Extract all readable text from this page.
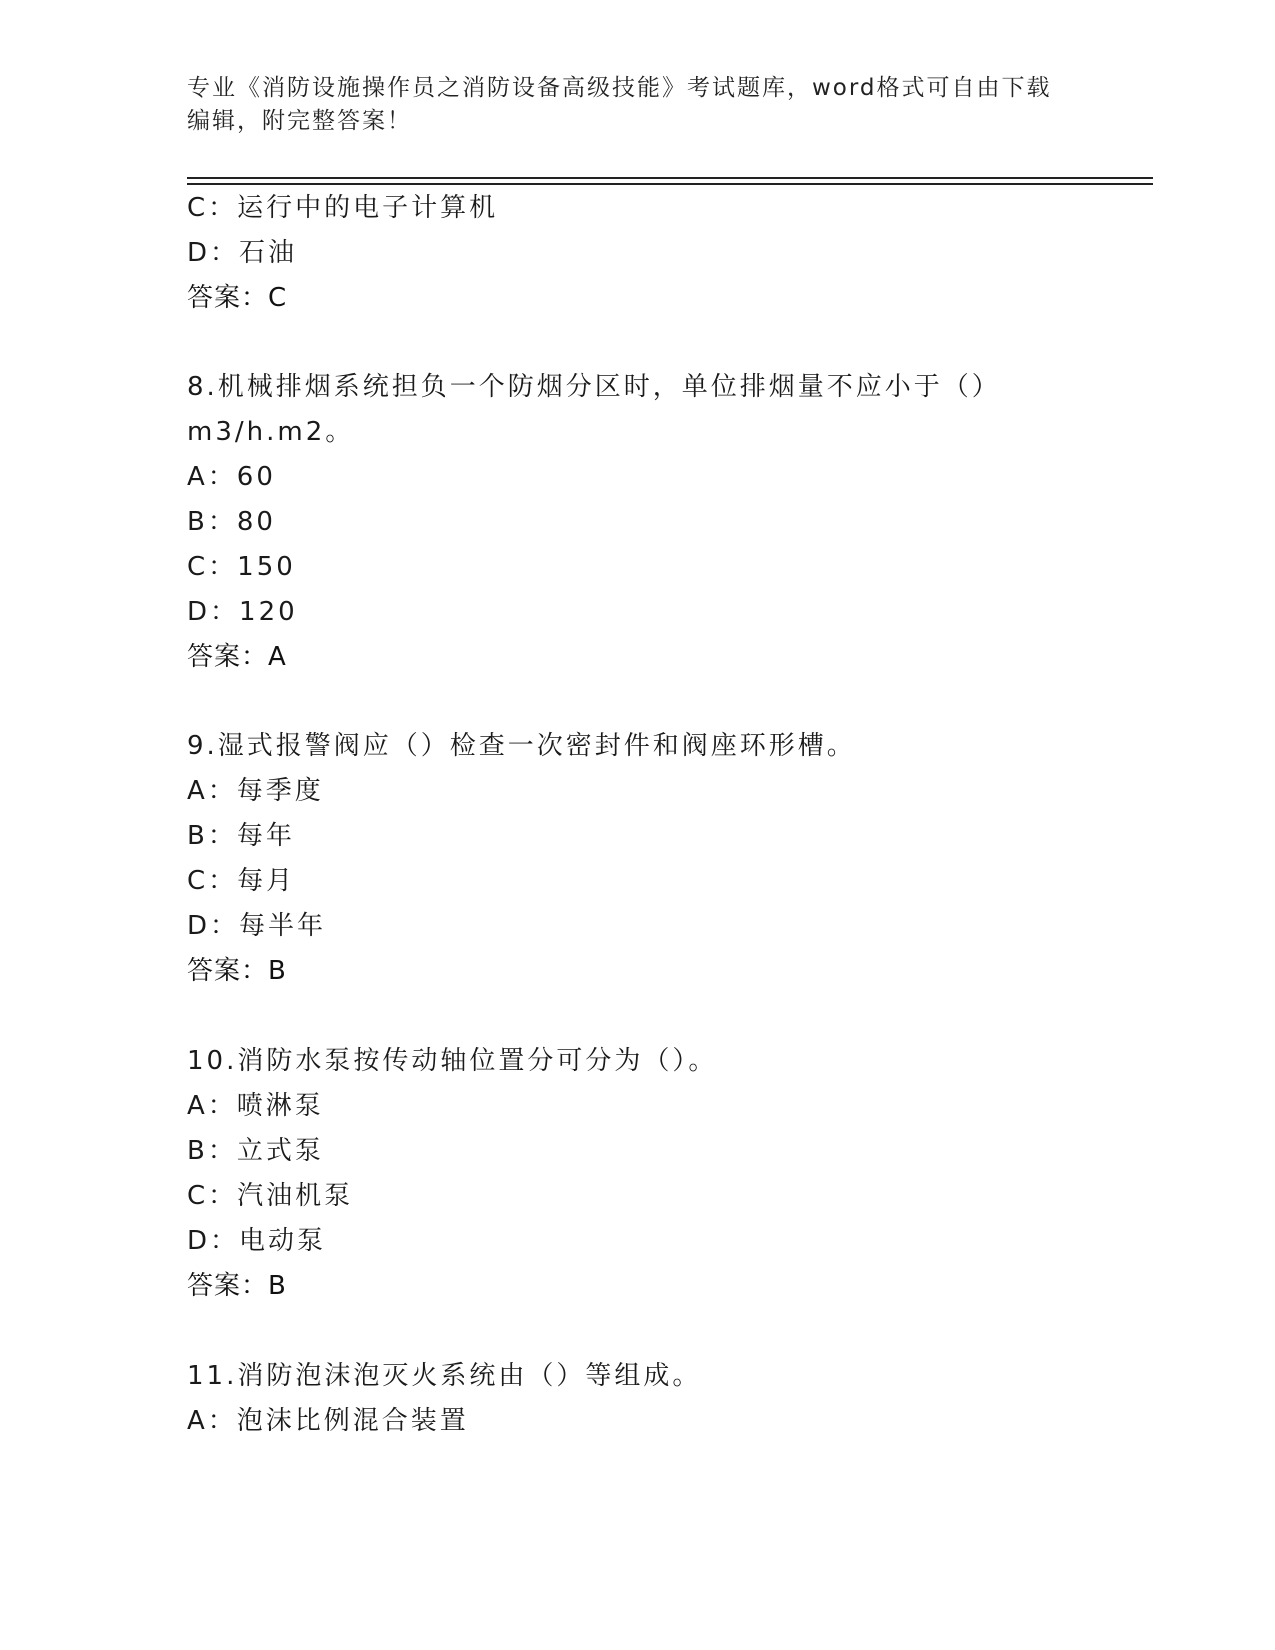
专业《消防设施操作员之消防设备高级技能》考试题库，word格式可自由下载编辑，附完整答案！
C：运行中的电子计算机
D：石油
答案：C
8.机械排烟系统担负一个防烟分区时，单位排烟量不应小于（）
m3/h.m2。
A：60
B：80
C：150
D：120
答案：A
9.湿式报警阀应（）检查一次密封件和阀座环形槽。
A：每季度
B：每年
C：每月
D：每半年
答案：B
10.消防水泵按传动轴位置分可分为（）。
A：喷淋泵
B：立式泵
C：汽油机泵
D：电动泵
答案：B
11.消防泡沫泡灭火系统由（）等组成。
A：泡沫比例混合装置
